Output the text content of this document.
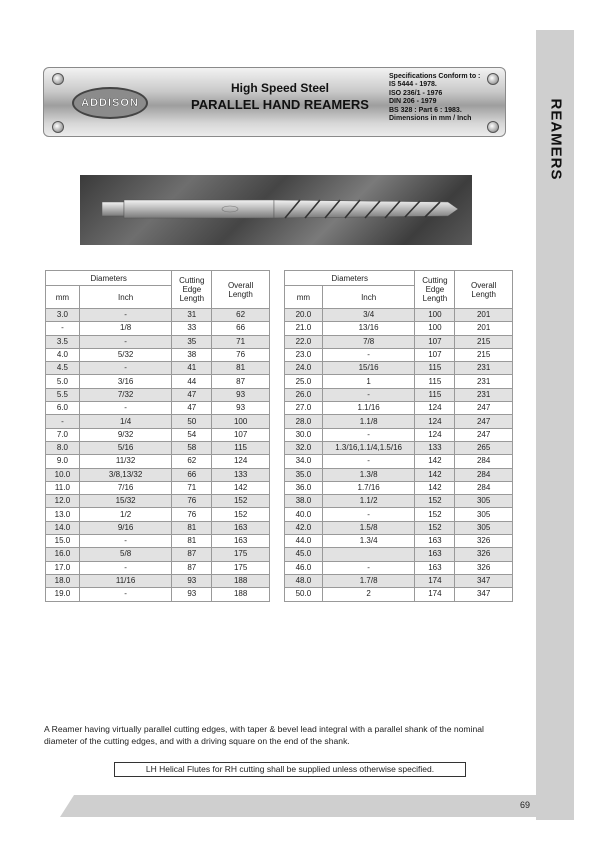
REAMERS
ADDISON
High Speed Steel
PARALLEL HAND REAMERS
Specifications Conform to :
IS 5444 - 1978.
ISO 236/1 - 1976
DIN 206 - 1979
BS 328 : Part 6 : 1983.
Dimensions in mm / Inch
Diameters		Cutting
Edge
Length	Overall
Length
mm	Inch		
3.0	-	31	62
-	1/8	33	66
3.5	-	35	71
4.0	5/32	38	76
4.5	-	41	81
5.0	3/16	44	87
5.5	7/32	47	93
6.0	-	47	93
-	1/4	50	100
7.0	9/32	54	107
8.0	5/16	58	115
9.0	11/32	62	124
10.0	3/8,13/32	66	133
11.0	7/16	71	142
12.0	15/32	76	152
13.0	1/2	76	152
14.0	9/16	81	163
15.0	-	81	163
16.0	5/8	87	175
17.0	-	87	175
18.0	11/16	93	188
19.0	-	93	188
Diameters		Cutting
Edge
Length	Overall
Length
mm	Inch		
20.0	3/4	100	201
21.0	13/16	100	201
22.0	7/8	107	215
23.0	-	107	215
24.0	15/16	115	231
25.0	1	115	231
26.0	-	115	231
27.0	1.1/16	124	247
28.0	1.1/8	124	247
30.0	-	124	247
32.0	1.3/16,1.1/4,1.5/16	133	265
34.0	-	142	284
35.0	1.3/8	142	284
36.0	1.7/16	142	284
38.0	1.1/2	152	305
40.0	-	152	305
42.0	1.5/8	152	305
44.0	1.3/4	163	326
45.0		163	326
46.0	-	163	326
48.0	1.7/8	174	347
50.0	2	174	347
A Reamer having virtually parallel cutting edges, with taper & bevel lead integral with a parallel shank of the nominal diameter of the cutting edges, and with a driving square on the end of the shank.
LH Helical Flutes for RH cutting shall be supplied unless otherwise specified.
69
